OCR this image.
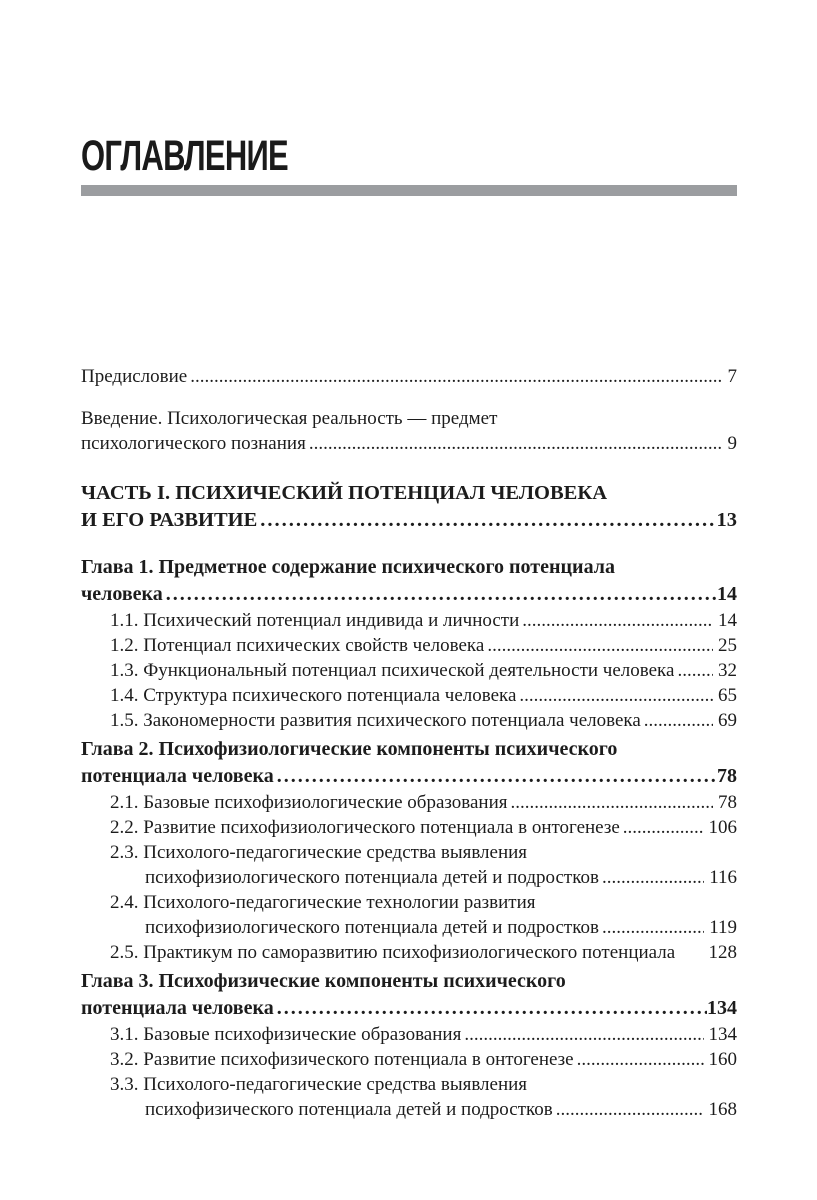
ОГЛАВЛЕНИЕ
Предисловие .....	7
Введение. Психологическая реальность — предмет
психологического познания .....	9
ЧАСТЬ I. ПСИХИЧЕСКИЙ ПОТЕНЦИАЛ ЧЕЛОВЕКА
И ЕГО РАЗВИТИЕ .....	13
Глава 1. Предметное содержание психического потенциала
человека .....	14
1.1. Психический потенциал индивида и личности .....	14
1.2. Потенциал психических свойств человека .....	25
1.3. Функциональный потенциал психической деятельности человека ..... 32
1.4. Структура психического потенциала человека .....	65
1.5. Закономерности развития психического потенциала человека .....	69
Глава 2. Психофизиологические компоненты психического
потенциала человека .....	78
2.1. Базовые психофизиологические образования .....	78
2.2. Развитие психофизиологического потенциала в онтогенезе .....	106
2.3. Психолого-педагогические средства выявления
психофизиологического потенциала детей и подростков .....	116
2.4. Психолого-педагогические технологии развития
психофизиологического потенциала детей и подростков .....	119
2.5. Практикум по саморазвитию психофизиологического потенциала 128
Глава 3. Психофизические компоненты психического
потенциала человека .....	134
3.1. Базовые психофизические образования .....	134
3.2. Развитие психофизического потенциала в онтогенезе .....	160
3.3. Психолого-педагогические средства выявления
психофизического потенциала детей и подростков .....	168
